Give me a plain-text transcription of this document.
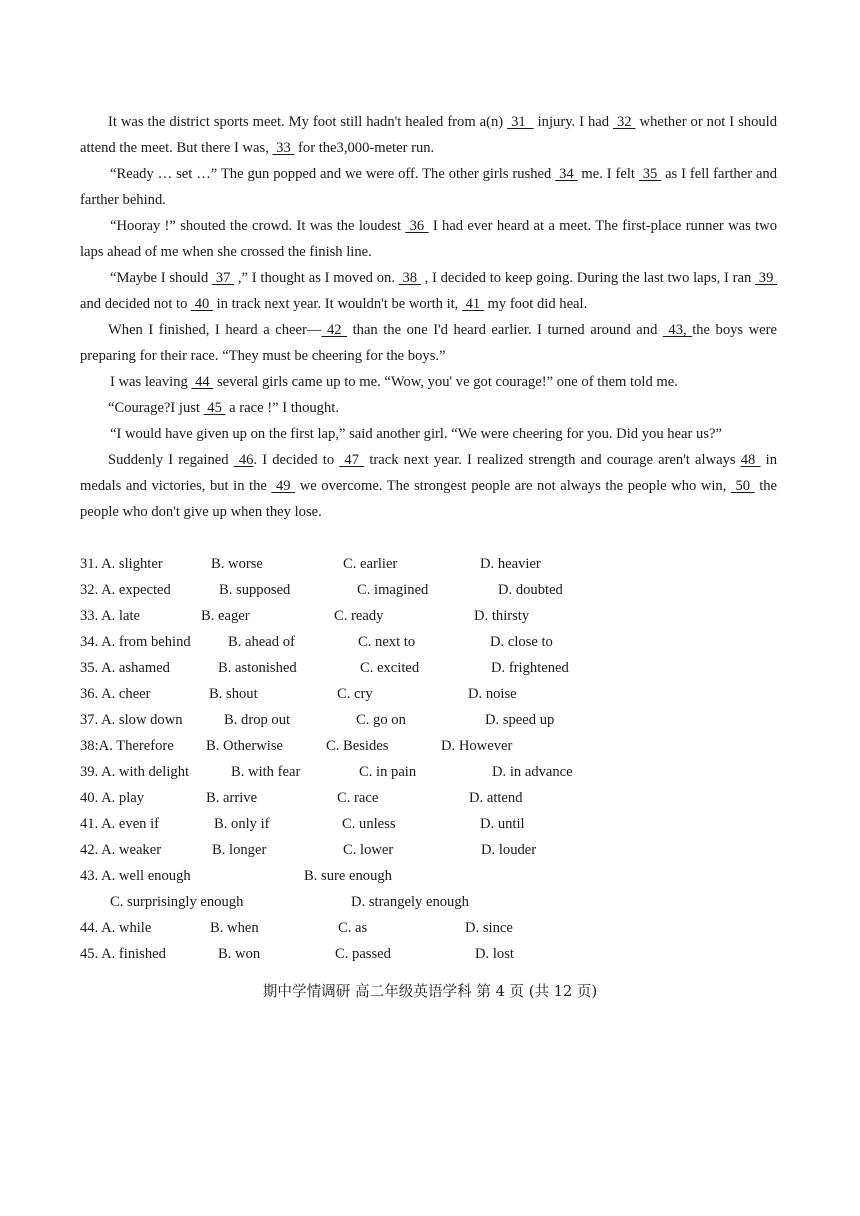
It was the district sports meet. My foot still hadn't healed from a(n)  31   injury. I had  32  whether or not I should attend the meet. But there I was,  33  for the3,000-meter run.

“Ready … set …” The gun popped and we were off. The other girls rushed  34  me. I felt  35  as I fell farther and farther behind.

“Hooray !” shouted the crowd. It was the loudest  36  I had ever heard at a meet. The first-place runner was two laps ahead of me when she crossed the finish line.

“Maybe I should  37  ,” I thought as I moved on.  38  , I decided to keep going. During the last two laps, I ran  39  and decided not to  40  in track next year. It wouldn't be worth it,  41  my foot did heal.

When I finished, I heard a cheer— 42  than the one I'd heard earlier. I turned around and  43, the boys were preparing for their race. “They must be cheering for the boys.”

I was leaving  44  several girls came up to me. “Wow, you' ve got courage!” one of them told me.

“Courage?I just  45  a race !” I thought.

“I would have given up on the first lap,” said another girl. “We were cheering for you. Did you hear us?”

Suddenly I regained  46. I decided to  47  track next year. I realized strength and courage aren't always 48  in medals and victories, but in the  49  we overcome. The strongest people are not always the people who win,  50  the people who don't give up when they lose.

31. A. slighter	B. worse	C. earlier	D. heavier
32. A. expected	B. supposed	C. imagined	D. doubted
33. A. late	B. eager	C. ready	D. thirsty
34. A. from behind	B. ahead of	C. next to	D. close to
35. A. ashamed	B. astonished	C. excited	D. frightened
36. A. cheer	B. shout	C. cry	D. noise
37. A. slow down	B. drop out	C. go on	D. speed up
38:A. Therefore B. Otherwise	C. Besides	D. However
39. A. with delight	B. with fear	C. in pain	D. in advance
40. A. play	B. arrive	C. race	D. attend
41. A. even if	B. only if	C. unless	D. until
42. A. weaker	B. longer	C. lower	D. louder
43. A. well enough	B. sure enough
C. surprisingly enough	D. strangely enough
44. A. while	B. when	C. as	D. since
45. A. finished	B. won	C. passed	D. lost
期中学情调研 高二年级英语学科 第 4 页 (共 12 页)
